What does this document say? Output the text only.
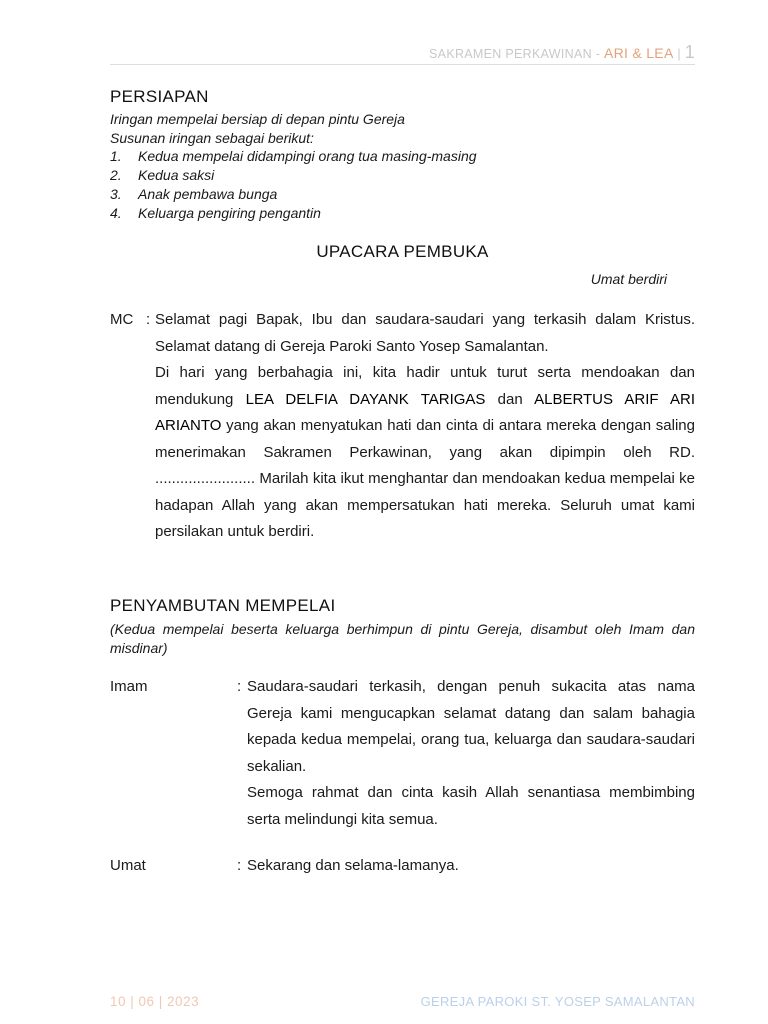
SAKRAMEN PERKAWINAN - ARI & LEA | 1
PERSIAPAN
Iringan mempelai bersiap di depan pintu Gereja
Susunan iringan sebagai berikut:
1.	Kedua mempelai didampingi orang tua masing-masing
2.	Kedua saksi
3.	Anak pembawa bunga
4.	Keluarga pengiring pengantin
UPACARA PEMBUKA
Umat berdiri
MC : Selamat pagi Bapak, Ibu dan saudara-saudari yang terkasih dalam Kristus. Selamat datang di Gereja Paroki Santo Yosep Samalantan.

Di hari yang berbahagia ini, kita hadir untuk turut serta mendoakan dan mendukung LEA DELFIA DAYANK TARIGAS dan ALBERTUS ARIF ARI ARIANTO yang akan menyatukan hati dan cinta di antara mereka dengan saling menerimakan Sakramen Perkawinan, yang akan dipimpin oleh RD. ........................ Marilah kita ikut menghantar dan mendoakan kedua mempelai ke hadapan Allah yang akan mempersatukan hati mereka. Seluruh umat kami persilakan untuk berdiri.

PENYAMBUTAN MEMPELAI
(Kedua mempelai beserta keluarga berhimpun di pintu Gereja, disambut oleh Imam dan misdinar)
Imam	: Saudara-saudari terkasih, dengan penuh sukacita atas nama Gereja kami mengucapkan selamat datang dan salam bahagia kepada kedua mempelai, orang tua, keluarga dan saudara-saudari sekalian.

Semoga rahmat dan cinta kasih Allah senantiasa membimbing serta melindungi kita semua.

Umat	: Sekarang dan selama-lamanya.
10 | 06 | 2023	GEREJA PAROKI ST. YOSEP SAMALANTAN
